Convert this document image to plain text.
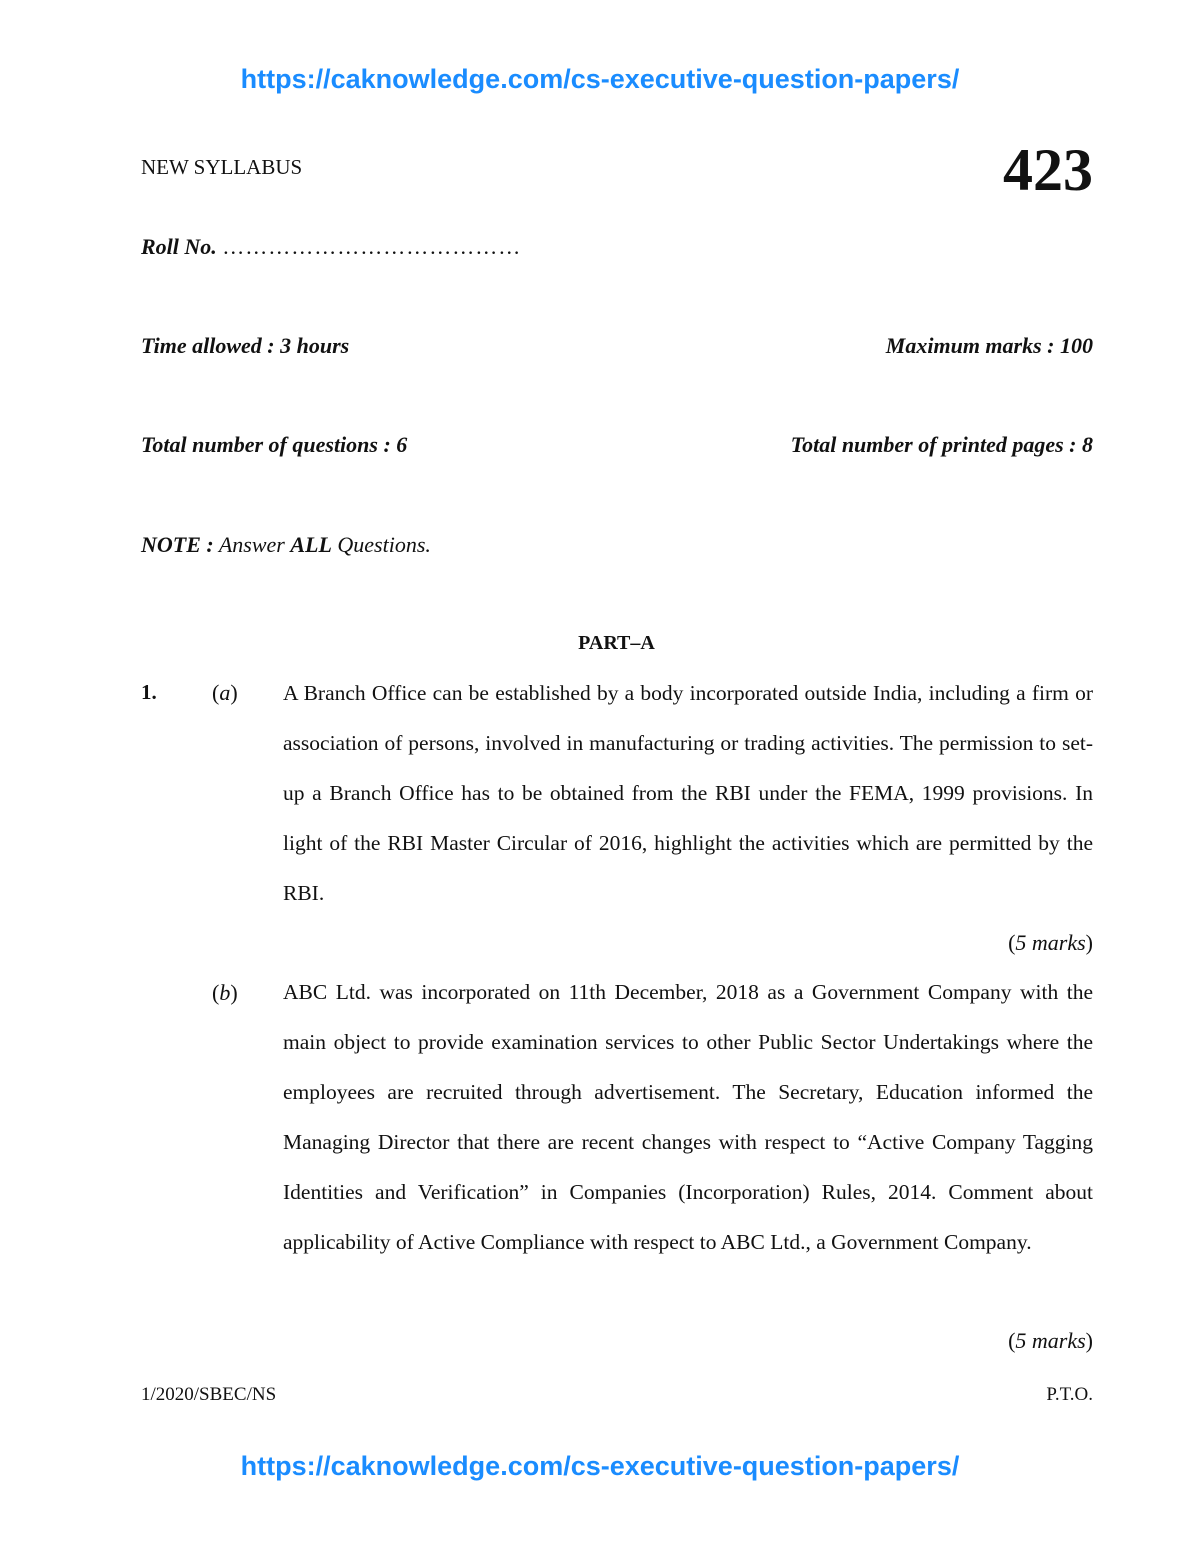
https://caknowledge.com/cs-executive-question-papers/
NEW SYLLABUS	423
Roll No. …………………………………
Time allowed : 3 hours	Maximum marks : 100
Total number of questions : 6	Total number of printed pages : 8
NOTE : Answer ALL Questions.
PART–A
1.	(a) A Branch Office can be established by a body incorporated outside India, including a firm or association of persons, involved in manufacturing or trading activities. The permission to set-up a Branch Office has to be obtained from the RBI under the FEMA, 1999 provisions. In light of the RBI Master Circular of 2016, highlight the activities which are permitted by the RBI.
(5 marks)
(b) ABC Ltd. was incorporated on 11th December, 2018 as a Government Company with the main object to provide examination services to other Public Sector Undertakings where the employees are recruited through advertisement. The Secretary, Education informed the Managing Director that there are recent changes with respect to “Active Company Tagging Identities and Verification” in Companies (Incorporation) Rules, 2014. Comment about applicability of Active Compliance with respect to ABC Ltd., a Government Company.
(5 marks)
1/2020/SBEC/NS	P.T.O.
https://caknowledge.com/cs-executive-question-papers/
